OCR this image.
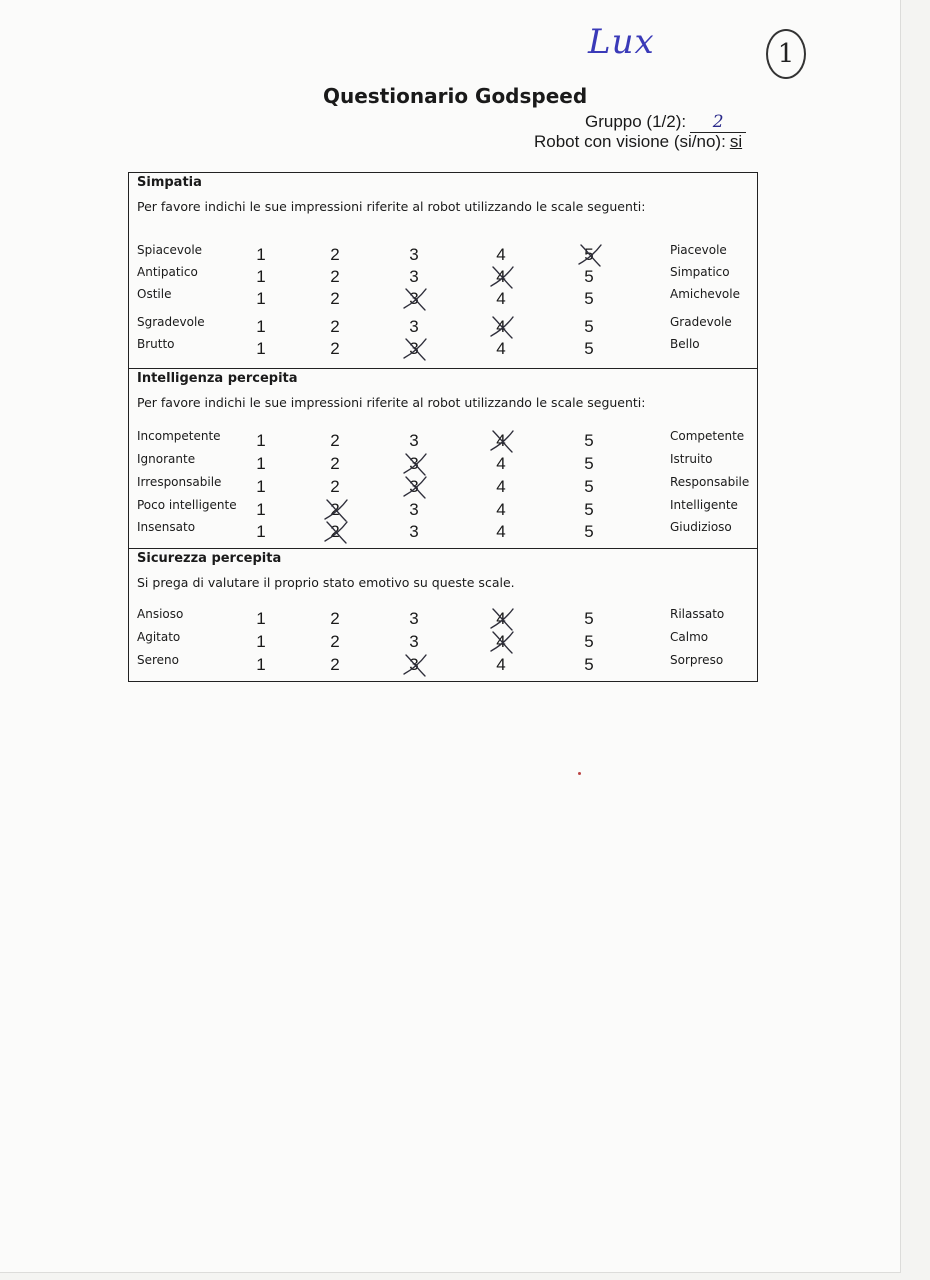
Lux	1
Questionario Godspeed
Gruppo (1/2): 2
Robot con visione (si/no): si
Simpatia
Per favore indichi le sue impressioni riferite al robot utilizzando le scale seguenti:
Spiacevole	1	2	3	4	5	Piacevole
Antipatico	1	2	3	4	5	Simpatico
Ostile	1	2	3	4	5	Amichevole
Sgradevole	1	2	3	4	5	Gradevole
Brutto	1	2	3	4	5	Bello
Intelligenza percepita
Per favore indichi le sue impressioni riferite al robot utilizzando le scale seguenti:
Incompetente	1	2	3	4	5	Competente
Ignorante	1	2	3	4	5	Istruito
Irresponsabile	1	2	3	4	5	Responsabile
Poco intelligente	1	2	3	4	5	Intelligente
Insensato	1	2	3	4	5	Giudizioso
Sicurezza percepita
Si prega di valutare il proprio stato emotivo su queste scale.
Ansioso	1	2	3	4	5	Rilassato
Agitato	1	2	3	4	5	Calmo
Sereno	1	2	3	4	5	Sorpreso
